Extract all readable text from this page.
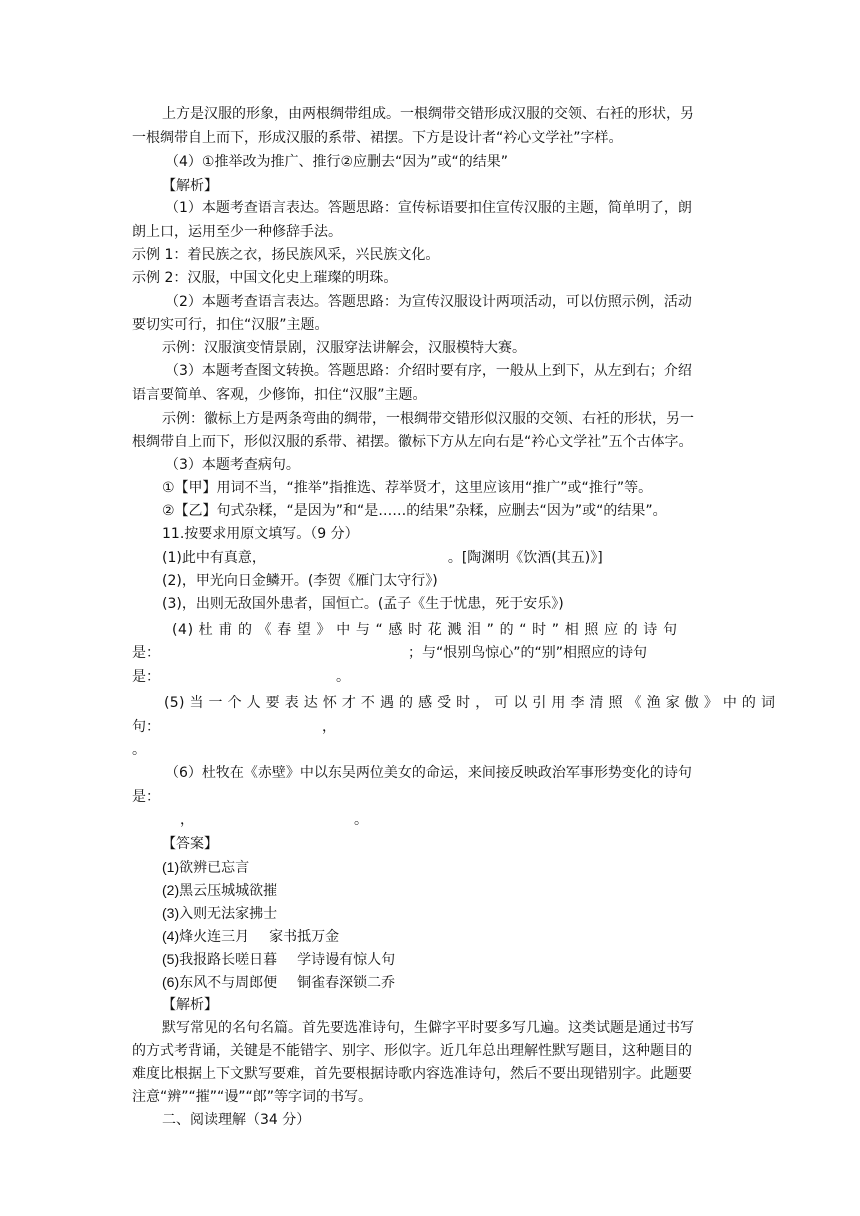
上方是汉服的形象，由两根绸带组成。一根绸带交错形成汉服的交领、右衽的形状，另
一根绸带自上而下，形成汉服的系带、裙摆。下方是设计者“衿心文学社”字样。
（4）①推举改为推广、推行②应删去“因为”或“的结果”
【解析】
（1）本题考查语言表达。答题思路：宣传标语要扣住宣传汉服的主题，简单明了，朗
朗上口，运用至少一种修辞手法。
示例 1：着民族之衣，扬民族风采，兴民族文化。
示例 2：汉服，中国文化史上璀璨的明珠。
（2）本题考查语言表达。答题思路：为宣传汉服设计两项活动，可以仿照示例，活动
要切实可行，扣住“汉服”主题。
示例：汉服演变情景剧，汉服穿法讲解会，汉服模特大赛。
（3）本题考查图文转换。答题思路：介绍时要有序，一般从上到下，从左到右；介绍
语言要简单、客观，少修饰，扣住“汉服”主题。
示例：徽标上方是两条弯曲的绸带，一根绸带交错形似汉服的交领、右衽的形状，另一
根绸带自上而下，形似汉服的系带、裙摆。徽标下方从左向右是“衿心文学社”五个古体字。
（3）本题考查病句。
①【甲】用词不当，“推举”指推选、荐举贤才，这里应该用“推广”或“推行”等。
②【乙】句式杂糅，“是因为”和“是……的结果”杂糅，应删去“因为”或“的结果”。
11.按要求用原文填写。（9 分）
(1)此中有真意，	。[陶渊明《饮酒(其五)》]
(2)，甲光向日金鳞开。(李贺《雁门太守行》)
(3)，出则无敌国外患者，国恒亡。(孟子《生于忧患，死于安乐》)
(4) 杜 甫 的 《 春 望 》 中 与 “ 感 时 花 溅 泪 ” 的 “ 时 ” 相 照 应 的 诗 句
是：	；与“恨别鸟惊心”的“别”相照应的诗句
是：	。
(5) 当 一 个 人 要 表 达 怀 才 不 遇 的 感 受 时 ， 可 以 引 用 李 清 照 《 渔 家 傲 》 中 的 词
句：	，
。
（6）杜牧在《赤壁》中以东吴两位美女的命运，来间接反映政治军事形势变化的诗句
是：
，	。
【答案】
(1)欲辨已忘言
(2)黑云压城城欲摧
(3)入则无法家拂士
(4)烽火连三月 家书抵万金
(5)我报路长嗟日暮 学诗谩有惊人句
(6)东风不与周郎便 铜雀春深锁二乔
【解析】
默写常见的名句名篇。首先要选准诗句，生僻字平时要多写几遍。这类试题是通过书写
的方式考背诵，关键是不能错字、别字、形似字。近几年总出理解性默写题目，这种题目的
难度比根据上下文默写要难，首先要根据诗歌内容选准诗句，然后不要出现错别字。此题要
注意“辨”“摧”“谩”“郎”等字词的书写。
二、阅读理解（34 分）
